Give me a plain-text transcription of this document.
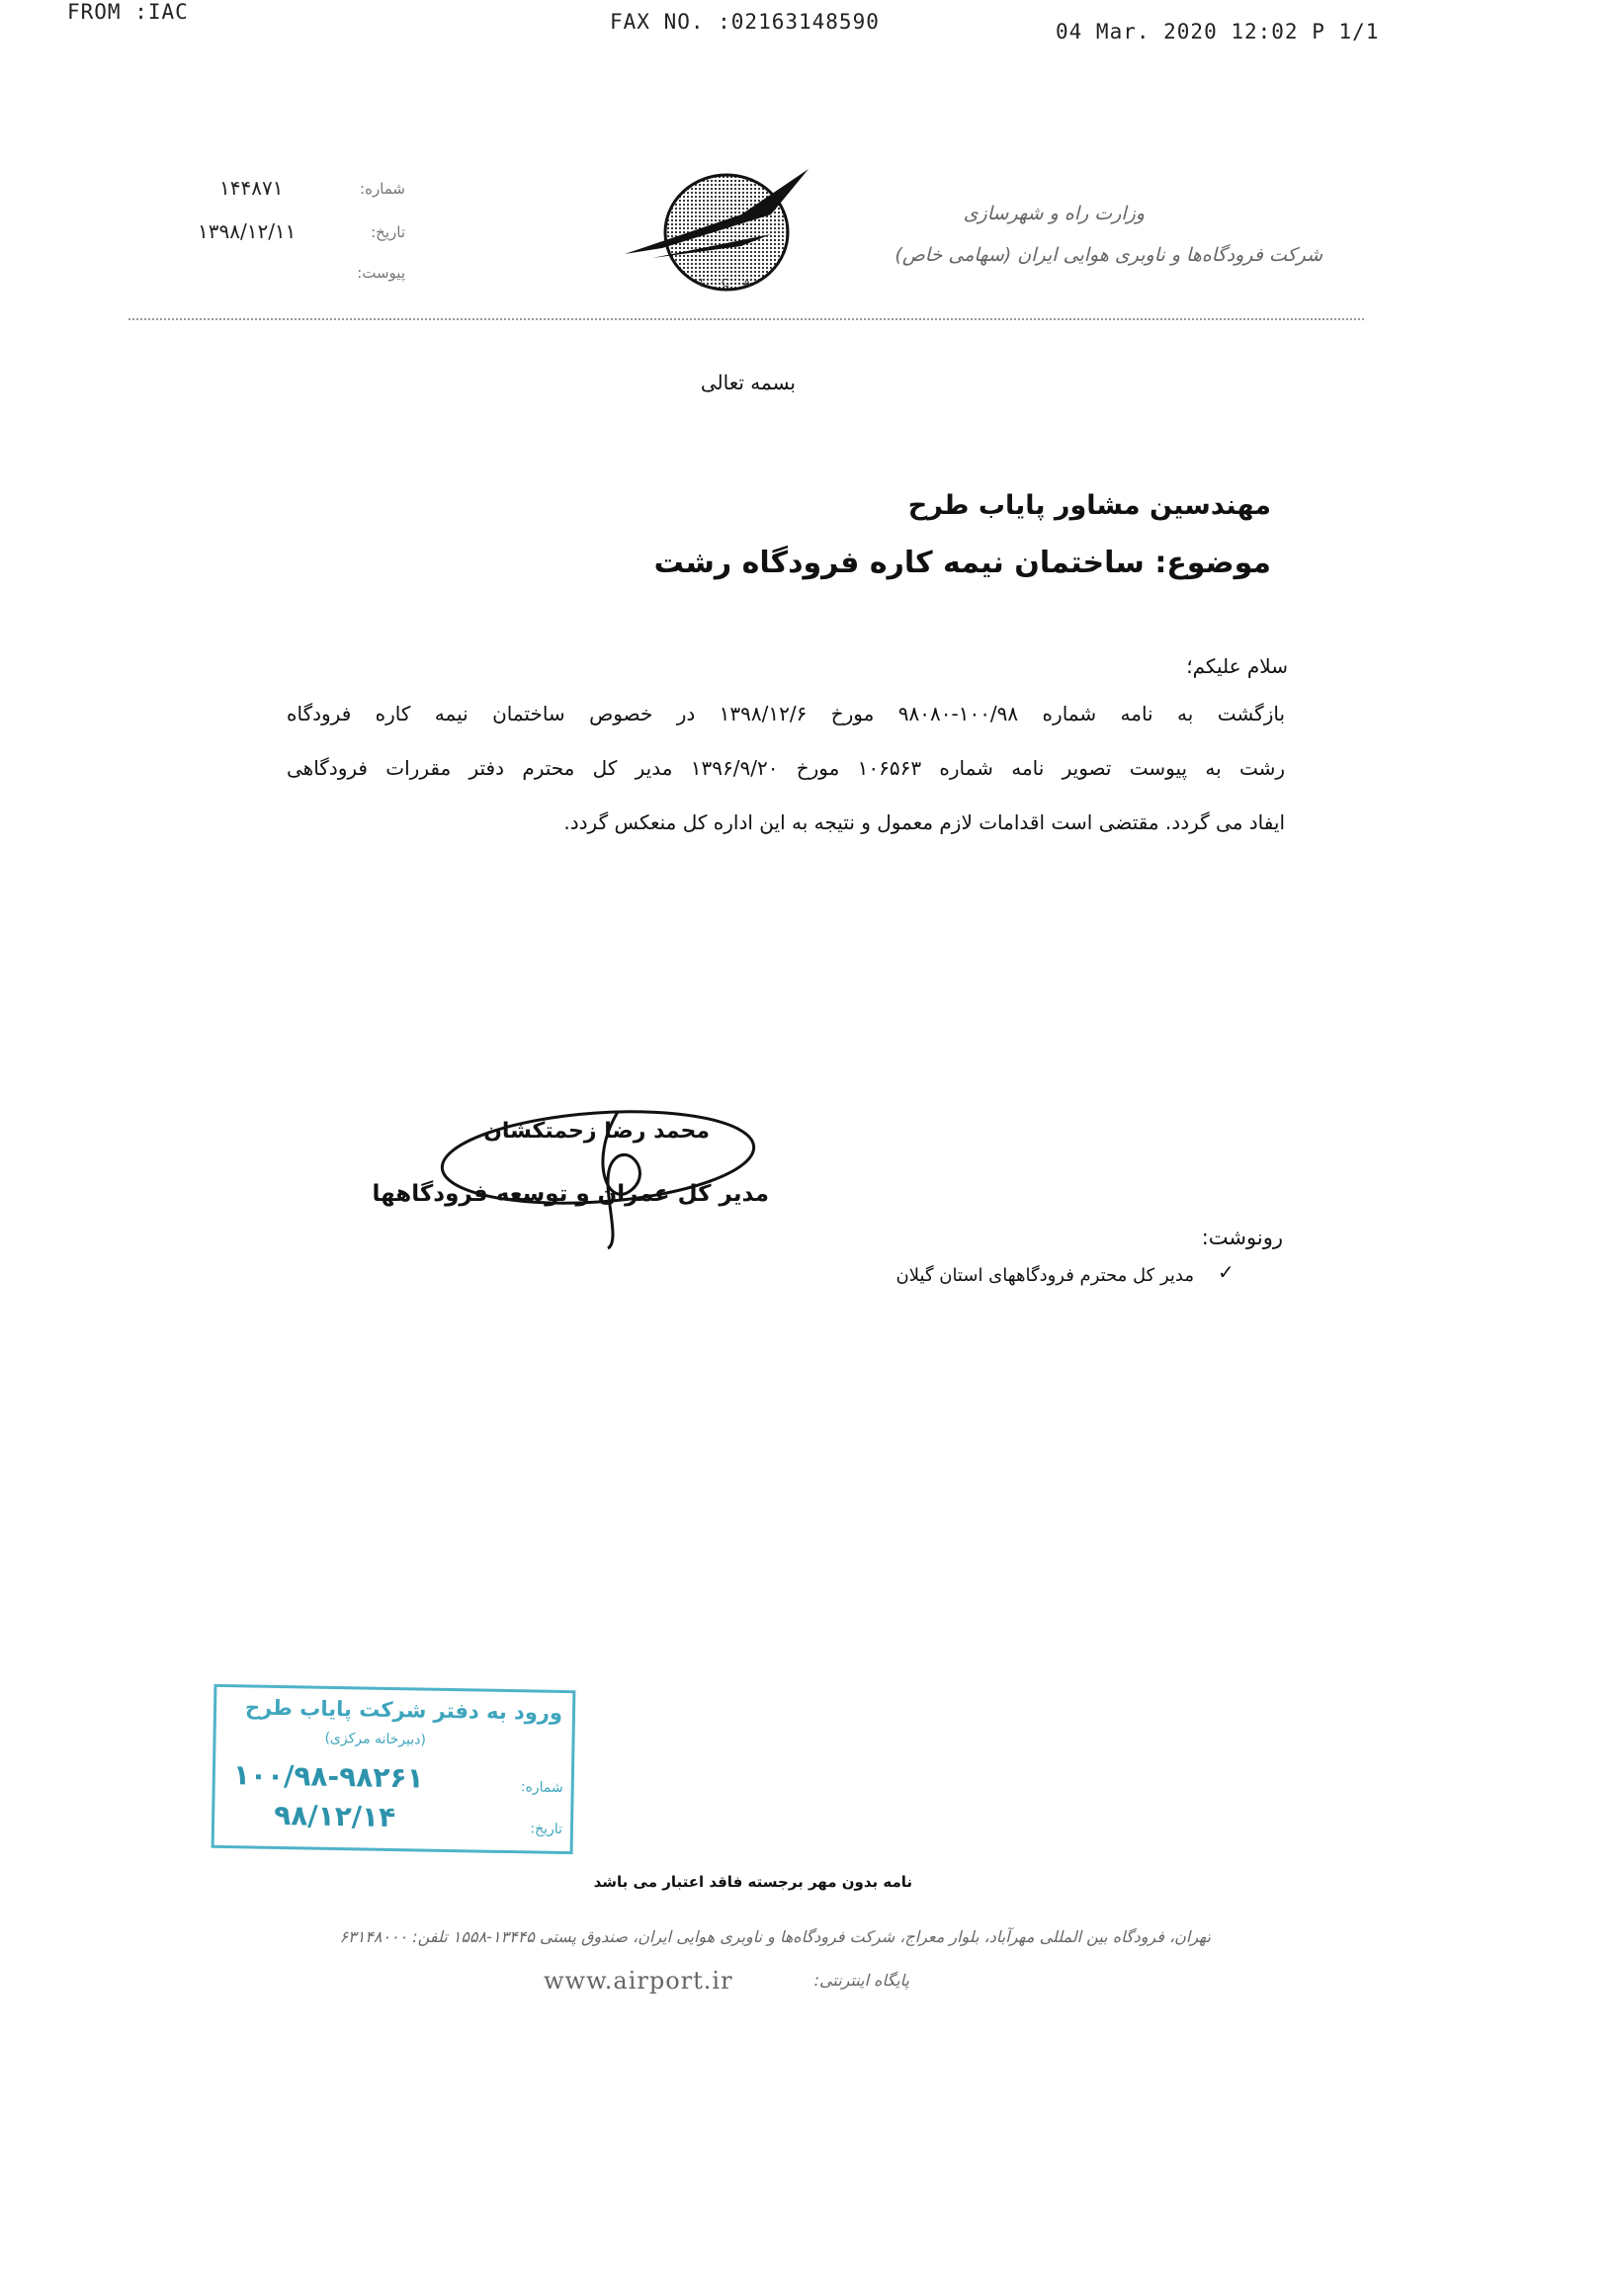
FROM :IAC	FAX NO. :02163148590	04 Mar. 2020 12:02 P 1/1
وزارت راه و شهرسازی
شرکت فرودگاه‌ها و ناوبری هوایی ایران (سهامی خاص)
I C A
۱۴۴۸۷۱	شماره:
۱۳۹۸/۱۲/۱۱	تاریخ:
پیوست:
بسمه تعالی
مهندسین مشاور پایاب طرح
موضوع: ساختمان نیمه کاره فرودگاه رشت
سلام علیکم؛
بازگشت به نامه شماره ۱۰۰/۹۸-۹۸۰۸۰ مورخ ۱۳۹۸/۱۲/۶ در خصوص ساختمان نیمه کاره فرودگاه
رشت به پیوست تصویر نامه شماره ۱۰۶۵۶۳ مورخ ۱۳۹۶/۹/۲۰ مدیر کل محترم دفتر مقررات فرودگاهی
ایفاد می گردد. مقتضی است اقدامات لازم معمول و نتیجه به این اداره کل منعکس گردد.
محمد رضا زحمتکشان
مدیر کل عمران و توسعه فرودگاهها
رونوشت:
✓
مدیر کل محترم فرودگاههای استان گیلان
ورود به دفتر شرکت پایاب طرح
(دبیرخانه مرکزی)
شماره:
۱۰۰/۹۸-۹۸۲۶۱
تاریخ:
۹۸/۱۲/۱۴
نامه بدون مهر برجسته فاقد اعتبار می باشد
تهران، فرودگاه بین المللی مهرآباد، بلوار معراج، شرکت فرودگاه‌ها و ناوبری هوایی ایران، صندوق پستی ۱۳۴۴۵-۱۵۵۸ تلفن: ۶۳۱۴۸۰۰۰
www.airport.ir	پایگاه اینترنتی:
